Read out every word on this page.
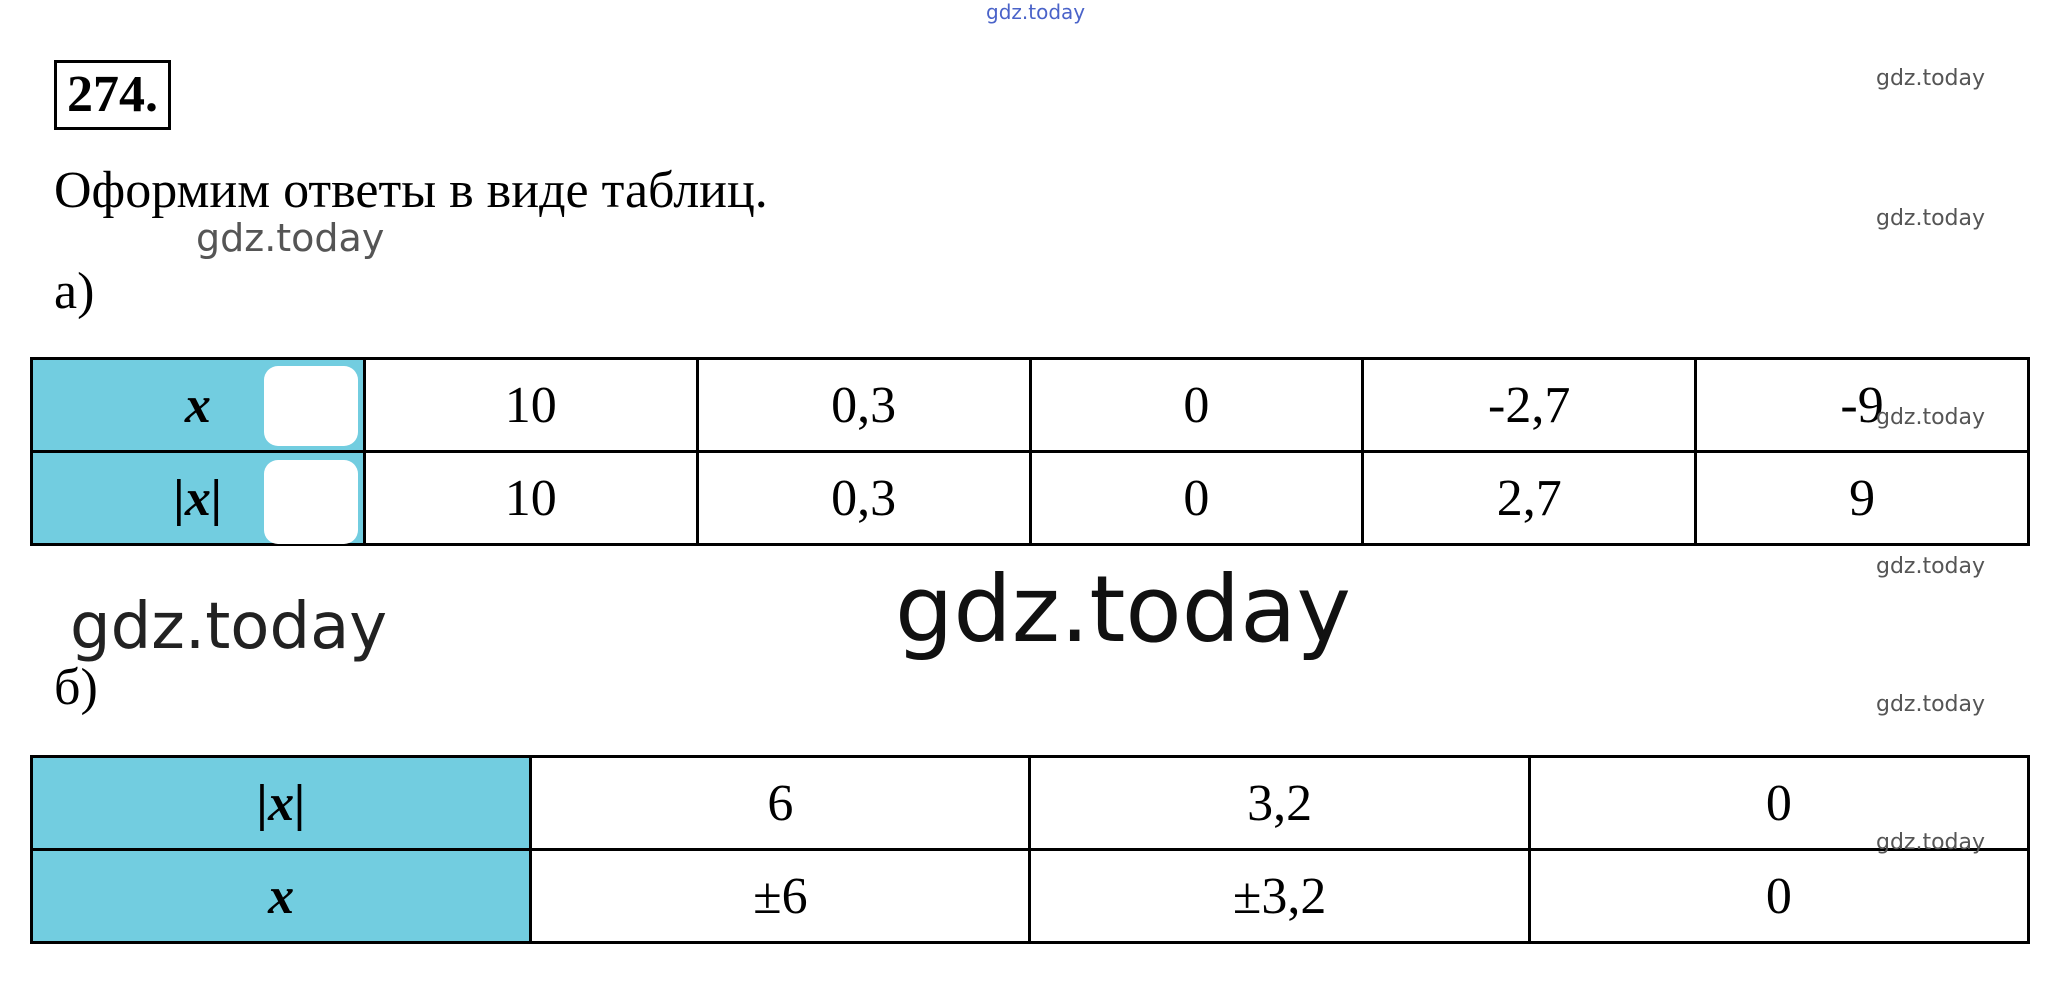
gdz.today
274.	gdz.today
Оформим ответы в виде таблиц.	gdz.today
gdz.today
а)
x	10	0,3	0	-2,7	-9
|x|	10	0,3	0	2,7	9
gdz.today
gdz.today
gdz.today
gdz.today
б)	gdz.today
|x|	6	3,2	0
x	±6	±3,2	0
gdz.today
